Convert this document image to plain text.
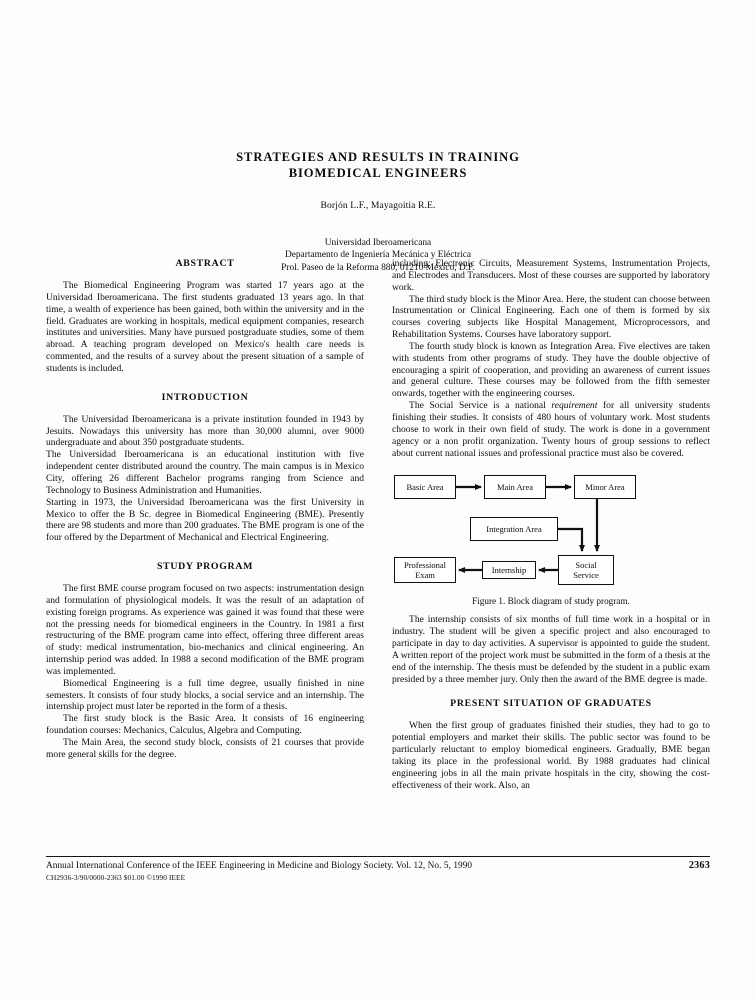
STRATEGIES AND RESULTS IN TRAINING
BIOMEDICAL ENGINEERS
Borjón L.F., Mayagoitia R.E.
Universidad Iberoamericana
Departamento de Ingeniería Mecánica y Eléctrica
Prol. Paseo de la Reforma 880, 01210 México, D.F.
ABSTRACT

The Biomedical Engineering Program was started 17 years ago at the Universidad Iberoamericana. The first students graduated 13 years ago. In that time, a wealth of experience has been gained, both within the university and in the field. Graduates are working in hospitals, medical equipment companies, research institutes and universities. Many have pursued postgraduate studies, some of them abroad. A teaching program developed on Mexico's health care needs is commented, and the results of a survey about the present situation of a sample of students is included.

INTRODUCTION

The Universidad Iberoamericana is a private institution founded in 1943 by Jesuits. Nowadays this university has more than 30,000 alumni, over 9000 undergraduate and about 350 postgraduate students.

The Universidad Iberoamericana is an educational institution with five independent center distributed around the country. The main campus is in Mexico City, offering 26 different Bachelor programs ranging from Science and Technology to Business Administration and Humanities.

Starting in 1973, the Universidad Iberoamericana was the first University in Mexico to offer the B Sc. degree in Biomedical Engineering (BME). Presently there are 98 students and more than 200 graduates. The BME program is one of the four offered by the Department of Mechanical and Electrical Engineering.

STUDY PROGRAM

The first BME course program focused on two aspects: instrumentation design and formulation of physiological models. It was the result of an adaptation of existing foreign programs. As experience was gained it was found that these were not the pressing needs for biomedical engineers in the Country. In 1981 a first restructuring of the BME program came into effect, offering three different areas of study: medical instrumentation, bio-mechanics and clinical engineering. An internship period was added. In 1988 a second modification of the BME program was implemented.

Biomedical Engineering is a full time degree, usually finished in nine semesters. It consists of four study blocks, a social service and an internship. The internship project must later be reported in the form of a thesis.

The first study block is the Basic Area. It consists of 16 engineering foundation courses: Mechanics, Calculus, Algebra and Computing.

The Main Area, the second study block, consists of 21 courses that provide more general skills for the degree.

including: Electronic Circuits, Measurement Systems, Instrumentation Projects, and Electrodes and Transducers. Most of these courses are supported by laboratory work.

The third study block is the Minor Area. Here, the student can choose between Instrumentation or Clinical Engineering. Each one of them is formed by six courses covering subjects like Hospital Management, Microprocessors, and Rehabilitation Systems. Courses have laboratory support.

The fourth study block is known as Integration Area. Five electives are taken with students from other programs of study. They have the double objective of encouraging a spirit of cooperation, and providing an awareness of current issues and general culture. These courses may be followed from the fifth semester onwards, together with the engineering courses.

The Social Service is a national requirement for all university students finishing their studies. It consists of 480 hours of voluntary work. Most students choose to work in their own field of study. The work is done in a government agency or a non profit organization. Twenty hours of group sessions to reflect about current national issues and professional practice must also be covered.

Basic Area	Main Area	Minor Area
Integration Area
Professional
Exam	Internship	Social
Service
Figure 1. Block diagram of study program.

The internship consists of six months of full time work in a hospital or in industry. The student will be given a specific project and also encouraged to participate in day to day activities. A supervisor is appointed to guide the student. A written report of the project work must be submitted in the form of a thesis at the end of the internship. The thesis must be defended by the student in a public exam presided by a three member jury. Only then the award of the BME degree is made.

PRESENT SITUATION OF GRADUATES

When the first group of graduates finished their studies, they had to go to potential employers and market their skills. The public sector was found to be particularly reluctant to employ biomedical engineers. Gradually, BME began taking its place in the professional world. By 1988 graduates had clinical engineering jobs in all the main private hospitals in the city, showing the cost-effectiveness of their work. Also, an

Annual International Conference of the IEEE Engineering in Medicine and Biology Society. Vol. 12, No. 5, 1990	2363
CH2936-3/90/0000-2363 $01.00 ©1990 IEEE
